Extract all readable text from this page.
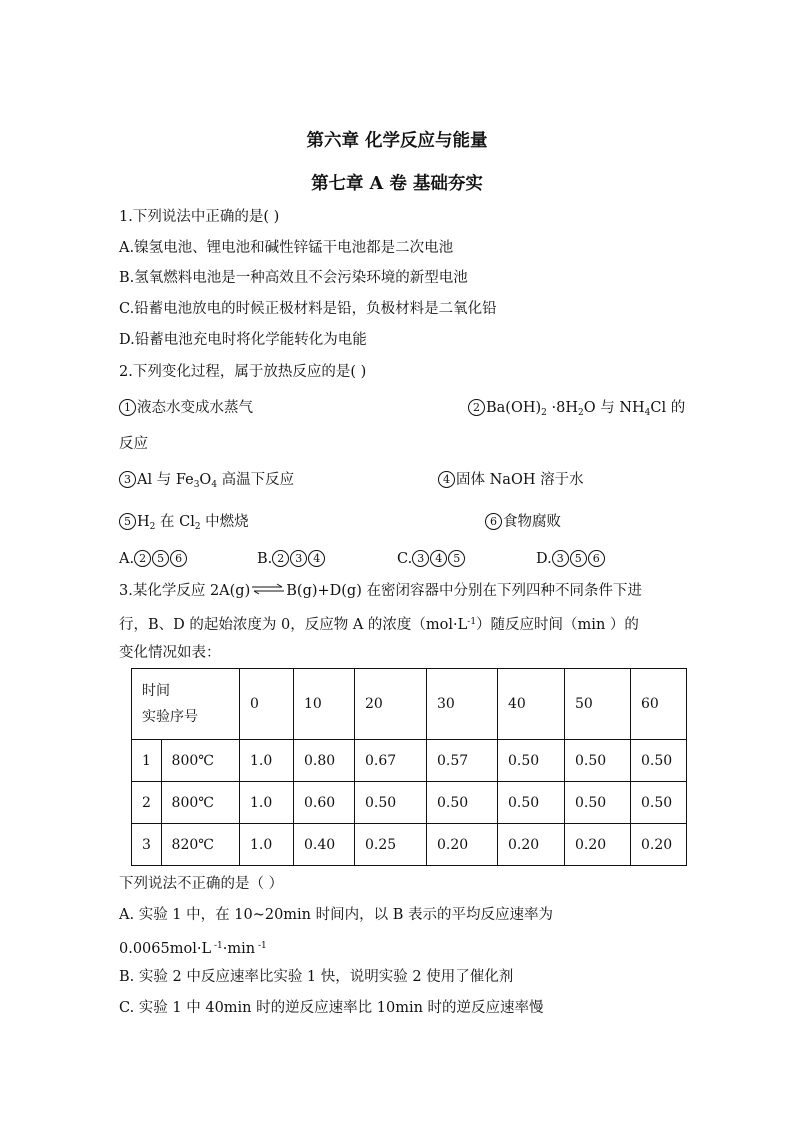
第六章 化学反应与能量
第七章 A 卷 基础夯实
1.下列说法中正确的是( )
A.镍氢电池、锂电池和碱性锌锰干电池都是二次电池
B.氢氧燃料电池是一种高效且不会污染环境的新型电池
C.铅蓄电池放电的时候正极材料是铅，负极材料是二氧化铅
D.铅蓄电池充电时将化学能转化为电能
2.下列变化过程，属于放热反应的是( )
1 液态水变成水蒸气	2 $Ba(OH)_2 \cdot 8H_2O$ 与 $NH_4Cl$ 的
反应
3 Al 与 $Fe_3O_4$ 高温下反应	4 固体 NaOH 溶于水
5 $H_2$ 在 $Cl_2$ 中燃烧	6 食物腐败
A. 2 5 6	B. 2 3 4	C. 3 4 5	D. 3 5 6
3.某化学反应 2A(g)⇌B(g)+D(g) 在密闭容器中分别在下列四种不同条件下进
行，B、D 的起始浓度为 0，反应物 A 的浓度$(mol\cdot L^{-1})$随反应时间（min ）的
变化情况如表：
时间
实验序号		0	10	20	30	40	50	60
1	800℃	1.0	0.80	0.67	0.57	0.50	0.50	0.50
2	800℃	1.0	0.60	0.50	0.50	0.50	0.50	0.50
3	820℃	1.0	0.40	0.25	0.20	0.20	0.20	0.20
下列说法不正确的是（ ）
A. 实验 1 中，在 10~20min 时间内，以 B 表示的平均反应速率为
0.0065mol·L $^{-1}$·min $^{-1}$
B. 实验 2 中反应速率比实验 1 快，说明实验 2 使用了催化剂
C. 实验 1 中 40min 时的逆反应速率比 10min 时的逆反应速率慢
